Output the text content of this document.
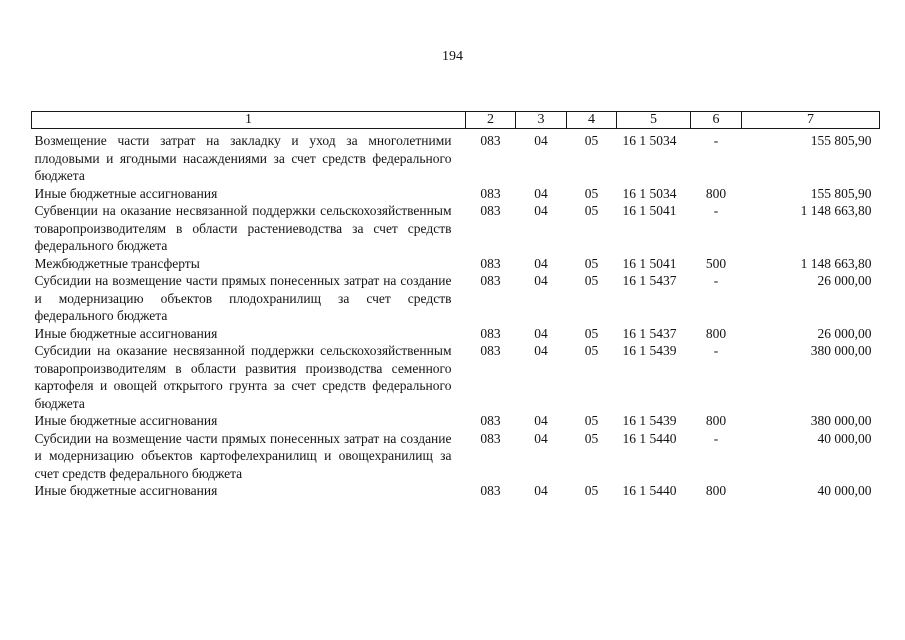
194
1	2	3	4	5	6	7
Возмещение части затрат на закладку и уход за многолетними плодовыми и ягодными насаждениями за счет средств федерального бюджета	083	04	05	16 1 5034	-	155 805,90
Иные бюджетные ассигнования	083	04	05	16 1 5034	800	155 805,90
Субвенции на оказание несвязанной поддержки сельскохозяйственным товаропроизводителям в области растениеводства за счет средств федерального бюджета	083	04	05	16 1 5041	-	1 148 663,80
Межбюджетные трансферты	083	04	05	16 1 5041	500	1 148 663,80
Субсидии на возмещение части прямых понесенных затрат на создание и модернизацию объектов плодохранилищ за счет средств федерального бюджета	083	04	05	16 1 5437	-	26 000,00
Иные бюджетные ассигнования	083	04	05	16 1 5437	800	26 000,00
Субсидии на оказание несвязанной поддержки сельскохозяйственным товаропроизводителям в области развития производства семенного картофеля и овощей открытого грунта за счет средств федерального бюджета	083	04	05	16 1 5439	-	380 000,00
Иные бюджетные ассигнования	083	04	05	16 1 5439	800	380 000,00
Субсидии на возмещение части прямых понесенных затрат на создание и модернизацию объектов картофелехранилищ и овощехранилищ за счет средств федерального бюджета	083	04	05	16 1 5440	-	40 000,00
Иные бюджетные ассигнования	083	04	05	16 1 5440	800	40 000,00
